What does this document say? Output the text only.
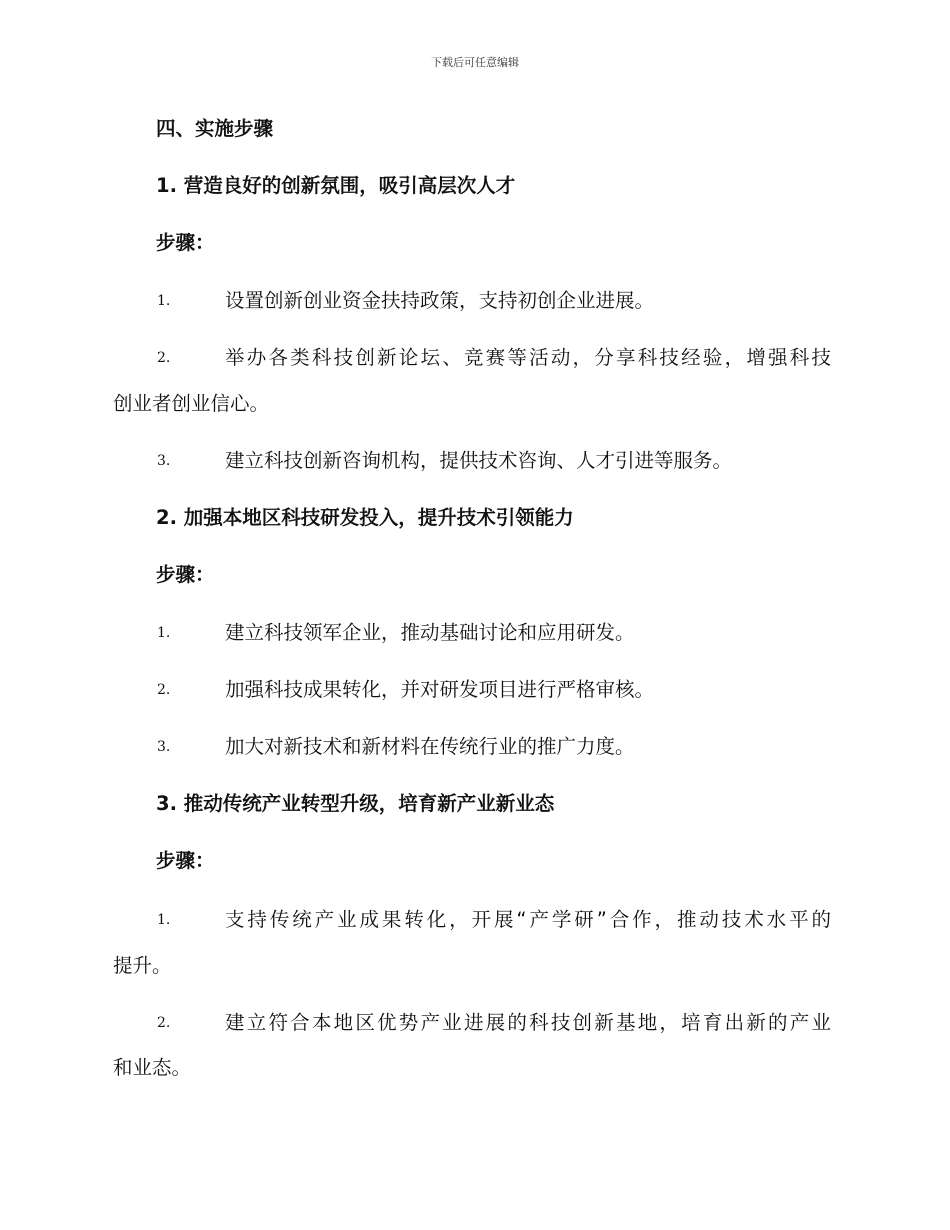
下载后可任意编辑
四、实施步骤
1. 营造良好的创新氛围，吸引高层次人才
步骤：
1.	设置创新创业资金扶持政策，支持初创企业进展。
2.	举办各类科技创新论坛、竞赛等活动，分享科技经验，增强科技
创业者创业信心。
3.	建立科技创新咨询机构，提供技术咨询、人才引进等服务。
2. 加强本地区科技研发投入，提升技术引领能力
步骤：
1.	建立科技领军企业，推动基础讨论和应用研发。
2.	加强科技成果转化，并对研发项目进行严格审核。
3.	加大对新技术和新材料在传统行业的推广力度。
3. 推动传统产业转型升级，培育新产业新业态
步骤：
1.	支持传统产业成果转化，开展“产学研”合作，推动技术水平的
提升。
2.	建立符合本地区优势产业进展的科技创新基地，培育出新的产业
和业态。
